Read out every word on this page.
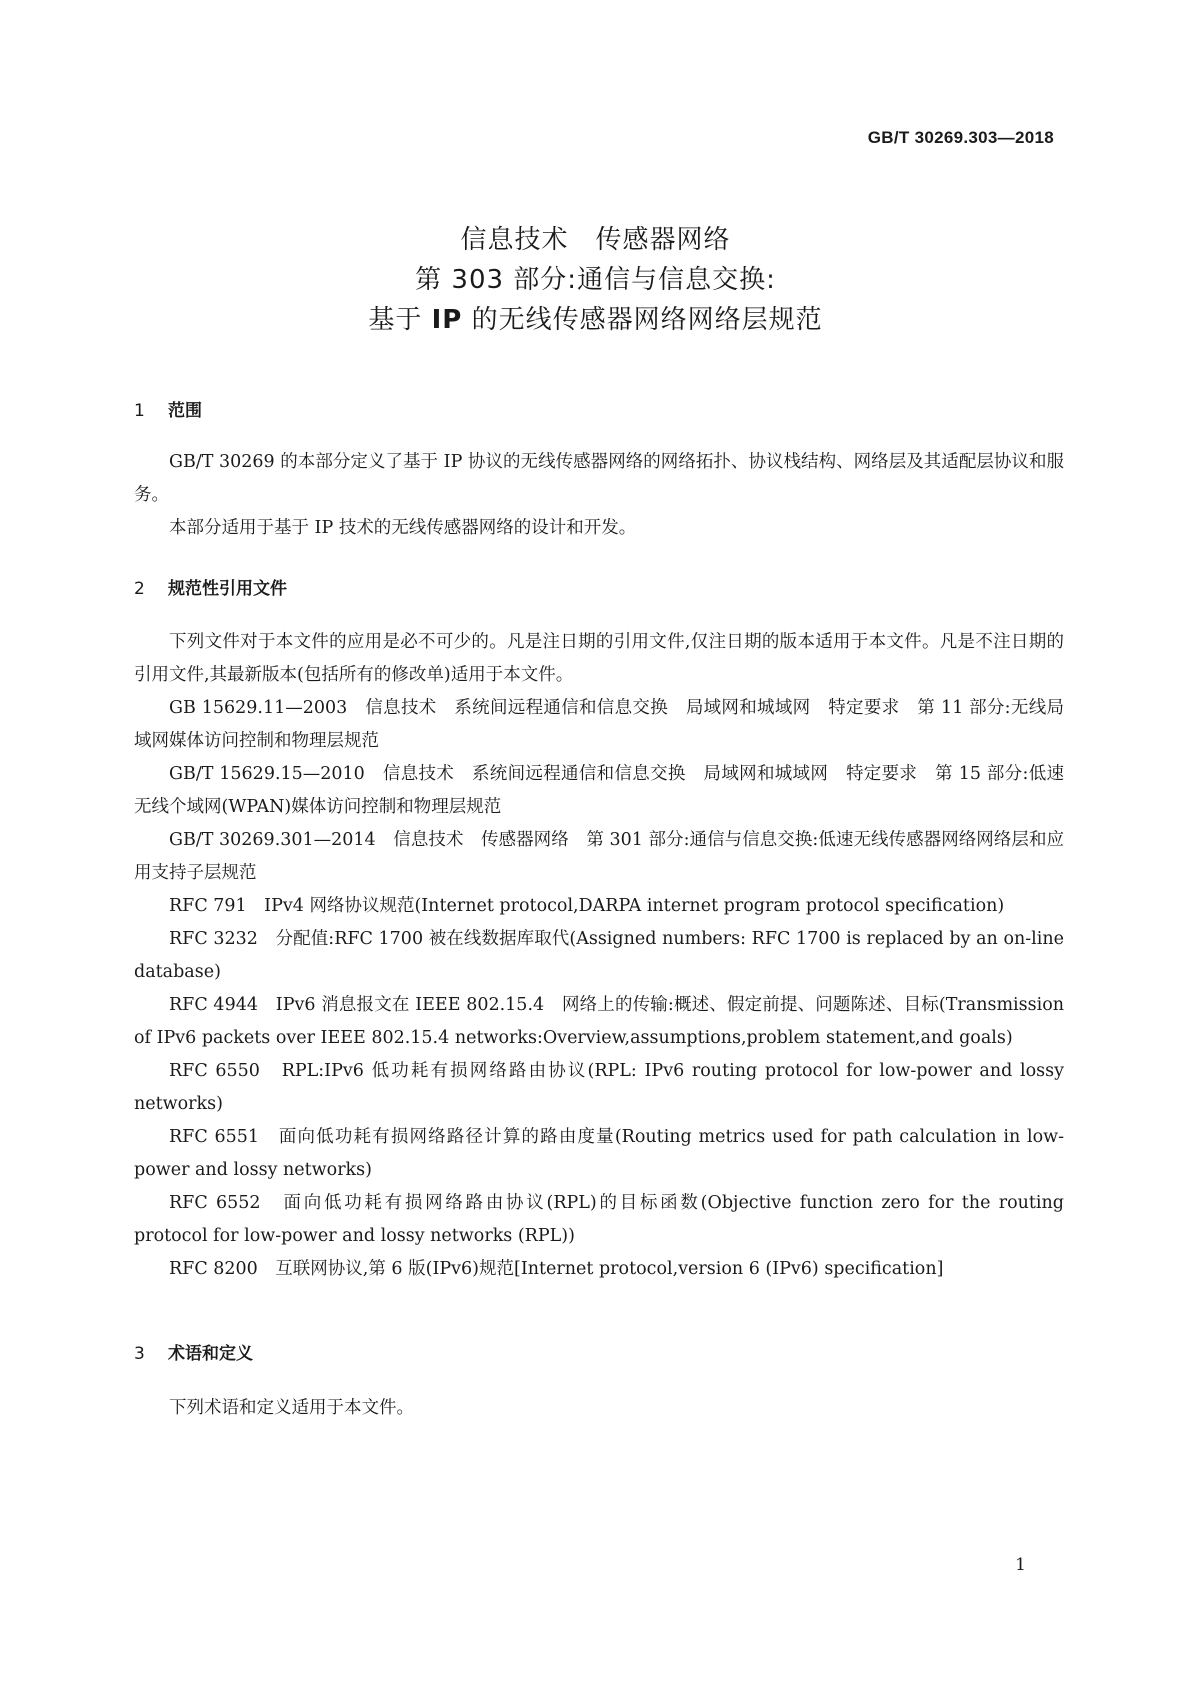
GB/T 30269.303—2018
信息技术　传感器网络
第 303 部分:通信与信息交换:
基于 IP 的无线传感器网络网络层规范
1 范围

GB/T 30269 的本部分定义了基于 IP 协议的无线传感器网络的网络拓扑、协议栈结构、网络层及其适配层协议和服务。

本部分适用于基于 IP 技术的无线传感器网络的设计和开发。

2 规范性引用文件

下列文件对于本文件的应用是必不可少的。凡是注日期的引用文件,仅注日期的版本适用于本文件。凡是不注日期的引用文件,其最新版本(包括所有的修改单)适用于本文件。

GB 15629.11—2003　信息技术　系统间远程通信和信息交换　局域网和城域网　特定要求　第 11 部分:无线局域网媒体访问控制和物理层规范

GB/T 15629.15—2010　信息技术　系统间远程通信和信息交换　局域网和城域网　特定要求　第 15 部分:低速无线个域网(WPAN)媒体访问控制和物理层规范

GB/T 30269.301—2014　信息技术　传感器网络　第 301 部分:通信与信息交换:低速无线传感器网络网络层和应用支持子层规范

RFC 791　IPv4 网络协议规范(Internet protocol,DARPA internet program protocol specification)

RFC 3232　分配值:RFC 1700 被在线数据库取代(Assigned numbers: RFC 1700 is replaced by an on-line database)

RFC 4944　IPv6 消息报文在 IEEE 802.15.4　网络上的传输:概述、假定前提、问题陈述、目标(Transmission of IPv6 packets over IEEE 802.15.4 networks:Overview,assumptions,problem statement,and goals)

RFC 6550　RPL:IPv6 低功耗有损网络路由协议(RPL: IPv6 routing protocol for low-power and lossy networks)

RFC 6551　面向低功耗有损网络路径计算的路由度量(Routing metrics used for path calculation in low-power and lossy networks)

RFC 6552　面向低功耗有损网络路由协议(RPL)的目标函数(Objective function zero for the routing protocol for low-power and lossy networks (RPL))

RFC 8200　互联网协议,第 6 版(IPv6)规范[Internet protocol,version 6 (IPv6) specification]

3 术语和定义

下列术语和定义适用于本文件。

1
